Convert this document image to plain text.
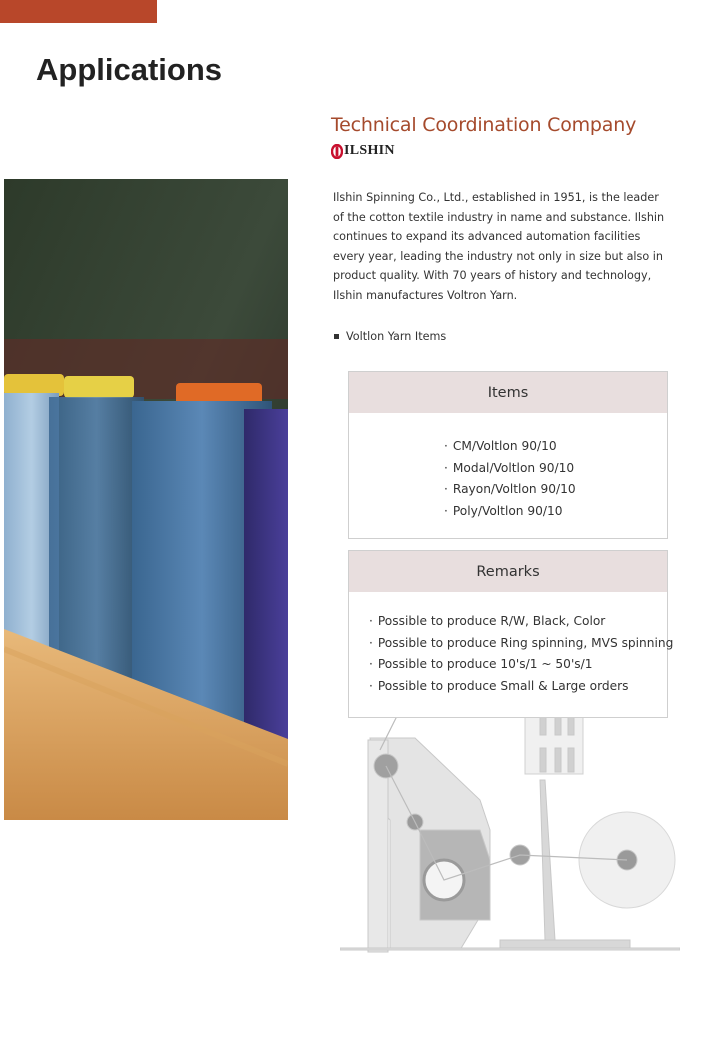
Applications
Technical Coordination Company
ILSHIN

Ilshin Spinning Co., Ltd., established in 1951, is the leader of the cotton textile industry in name and substance. Ilshin continues to expand its advanced automation facilities every year, leading the industry not only in size but also in product quality. With 70 years of history and technology, Ilshin manufactures Voltron Yarn.

Voltlon Yarn Items
Items
· CM/Voltlon 90/10
· Modal/Voltlon 90/10
· Rayon/Voltlon 90/10
· Poly/Voltlon 90/10
Remarks
· Possible to produce R/W, Black, Color
· Possible to produce Ring spinning, MVS spinning
· Possible to produce 10's/1 ~ 50's/1
· Possible to produce Small & Large orders
